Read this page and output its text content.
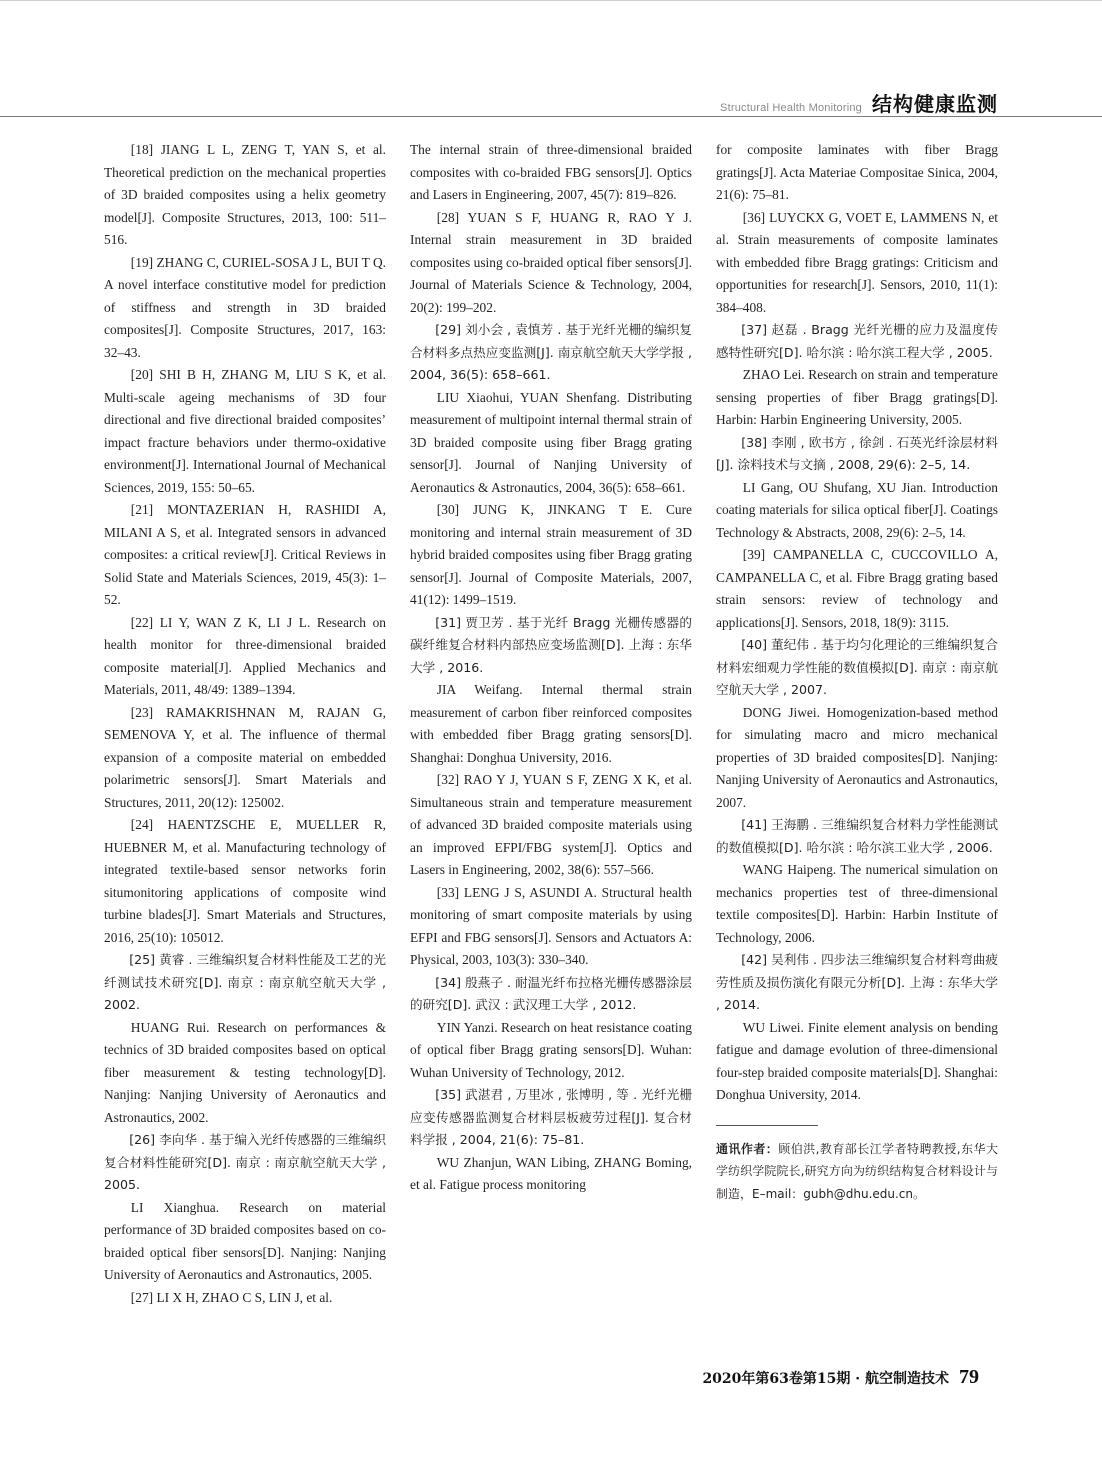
Structural Health Monitoring 结构健康监测

[18] JIANG L L, ZENG T, YAN S, et al. Theoretical prediction on the mechanical properties of 3D braided composites using a helix geometry model[J]. Composite Structures, 2013, 100: 511–516.

[19] ZHANG C, CURIEL-SOSA J L, BUI T Q. A novel interface constitutive model for prediction of stiffness and strength in 3D braided composites[J]. Composite Structures, 2017, 163: 32–43.

[20] SHI B H, ZHANG M, LIU S K, et al. Multi-scale ageing mechanisms of 3D four directional and five directional braided composites’ impact fracture behaviors under thermo-oxidative environment[J]. International Journal of Mechanical Sciences, 2019, 155: 50–65.

[21] MONTAZERIAN H, RASHIDI A, MILANI A S, et al. Integrated sensors in advanced composites: a critical review[J]. Critical Reviews in Solid State and Materials Sciences, 2019, 45(3): 1–52.

[22] LI Y, WAN Z K, LI J L. Research on health monitor for three-dimensional braided composite material[J]. Applied Mechanics and Materials, 2011, 48/49: 1389–1394.

[23] RAMAKRISHNAN M, RAJAN G, SEMENOVA Y, et al. The influence of thermal expansion of a composite material on embedded polarimetric sensors[J]. Smart Materials and Structures, 2011, 20(12): 125002.

[24] HAENTZSCHE E, MUELLER R, HUEBNER M, et al. Manufacturing technology of integrated textile-based sensor networks forin situmonitoring applications of composite wind turbine blades[J]. Smart Materials and Structures, 2016, 25(10): 105012.

[25] 黄睿 . 三维编织复合材料性能及工艺的光纤测试技术研究[D]. 南京 : 南京航空航天大学 , 2002.

HUANG Rui. Research on performances & technics of 3D braided composites based on optical fiber measurement & testing technology[D]. Nanjing: Nanjing University of Aeronautics and Astronautics, 2002.

[26] 李向华 . 基于编入光纤传感器的三维编织复合材料性能研究[D]. 南京 : 南京航空航天大学 , 2005.

LI Xianghua. Research on material performance of 3D braided composites based on co-braided optical fiber sensors[D]. Nanjing: Nanjing University of Aeronautics and Astronautics, 2005.

[27] LI X H, ZHAO C S, LIN J, et al.

The internal strain of three-dimensional braided composites with co-braided FBG sensors[J]. Optics and Lasers in Engineering, 2007, 45(7): 819–826.

[28] YUAN S F, HUANG R, RAO Y J. Internal strain measurement in 3D braided composites using co-braided optical fiber sensors[J]. Journal of Materials Science & Technology, 2004, 20(2): 199–202.

[29] 刘小会 , 袁慎芳 . 基于光纤光栅的编织复合材料多点热应变监测[J]. 南京航空航天大学学报 , 2004, 36(5): 658–661.

LIU Xiaohui, YUAN Shenfang. Distributing measurement of multipoint internal thermal strain of 3D braided composite using fiber Bragg grating sensor[J]. Journal of Nanjing University of Aeronautics & Astronautics, 2004, 36(5): 658–661.

[30] JUNG K, JINKANG T E. Cure monitoring and internal strain measurement of 3D hybrid braided composites using fiber Bragg grating sensor[J]. Journal of Composite Materials, 2007, 41(12): 1499–1519.

[31] 贾卫芳 . 基于光纤 Bragg 光栅传感器的碳纤维复合材料内部热应变场监测[D]. 上海 : 东华大学 , 2016.

JIA Weifang. Internal thermal strain measurement of carbon fiber reinforced composites with embedded fiber Bragg grating sensors[D]. Shanghai: Donghua University, 2016.

[32] RAO Y J, YUAN S F, ZENG X K, et al. Simultaneous strain and temperature measurement of advanced 3D braided composite materials using an improved EFPI/FBG system[J]. Optics and Lasers in Engineering, 2002, 38(6): 557–566.

[33] LENG J S, ASUNDI A. Structural health monitoring of smart composite materials by using EFPI and FBG sensors[J]. Sensors and Actuators A: Physical, 2003, 103(3): 330–340.

[34] 殷燕子 . 耐温光纤布拉格光栅传感器涂层的研究[D]. 武汉 : 武汉理工大学 , 2012.

YIN Yanzi. Research on heat resistance coating of optical fiber Bragg grating sensors[D]. Wuhan: Wuhan University of Technology, 2012.

[35] 武湛君 , 万里冰 , 张博明 , 等 . 光纤光栅应变传感器监测复合材料层板疲劳过程[J]. 复合材料学报 , 2004, 21(6): 75–81.

WU Zhanjun, WAN Libing, ZHANG Boming, et al. Fatigue process monitoring

for composite laminates with fiber Bragg gratings[J]. Acta Materiae Compositae Sinica, 2004, 21(6): 75–81.

[36] LUYCKX G, VOET E, LAMMENS N, et al. Strain measurements of composite laminates with embedded fibre Bragg gratings: Criticism and opportunities for research[J]. Sensors, 2010, 11(1): 384–408.

[37] 赵磊 . Bragg 光纤光栅的应力及温度传感特性研究[D]. 哈尔滨 : 哈尔滨工程大学 , 2005.

ZHAO Lei. Research on strain and temperature sensing properties of fiber Bragg gratings[D]. Harbin: Harbin Engineering University, 2005.

[38] 李刚 , 欧书方 , 徐剑 . 石英光纤涂层材料[J]. 涂料技术与文摘 , 2008, 29(6): 2–5, 14.

LI Gang, OU Shufang, XU Jian. Introduction coating materials for silica optical fiber[J]. Coatings Technology & Abstracts, 2008, 29(6): 2–5, 14.

[39] CAMPANELLA C, CUCCOVILLO A, CAMPANELLA C, et al. Fibre Bragg grating based strain sensors: review of technology and applications[J]. Sensors, 2018, 18(9): 3115.

[40] 董纪伟 . 基于均匀化理论的三维编织复合材料宏细观力学性能的数值模拟[D]. 南京 : 南京航空航天大学 , 2007.

DONG Jiwei. Homogenization-based method for simulating macro and micro mechanical properties of 3D braided composites[D]. Nanjing: Nanjing University of Aeronautics and Astronautics, 2007.

[41] 王海鹏 . 三维编织复合材料力学性能测试的数值模拟[D]. 哈尔滨 : 哈尔滨工业大学 , 2006.

WANG Haipeng. The numerical simulation on mechanics properties test of three-dimensional textile composites[D]. Harbin: Harbin Institute of Technology, 2006.

[42] 吴利伟 . 四步法三维编织复合材料弯曲疲劳性质及损伤演化有限元分析[D]. 上海 : 东华大学 , 2014.

WU Liwei. Finite element analysis on bending fatigue and damage evolution of three-dimensional four-step braided composite materials[D]. Shanghai: Donghua University, 2014.

通讯作者：顾伯洪,教育部长江学者特聘教授,东华大学纺织学院院长,研究方向为纺织结构复合材料设计与制造，E–mail：gubh@dhu.edu.cn。

2020年第63卷第15期 · 航空制造技术 79
